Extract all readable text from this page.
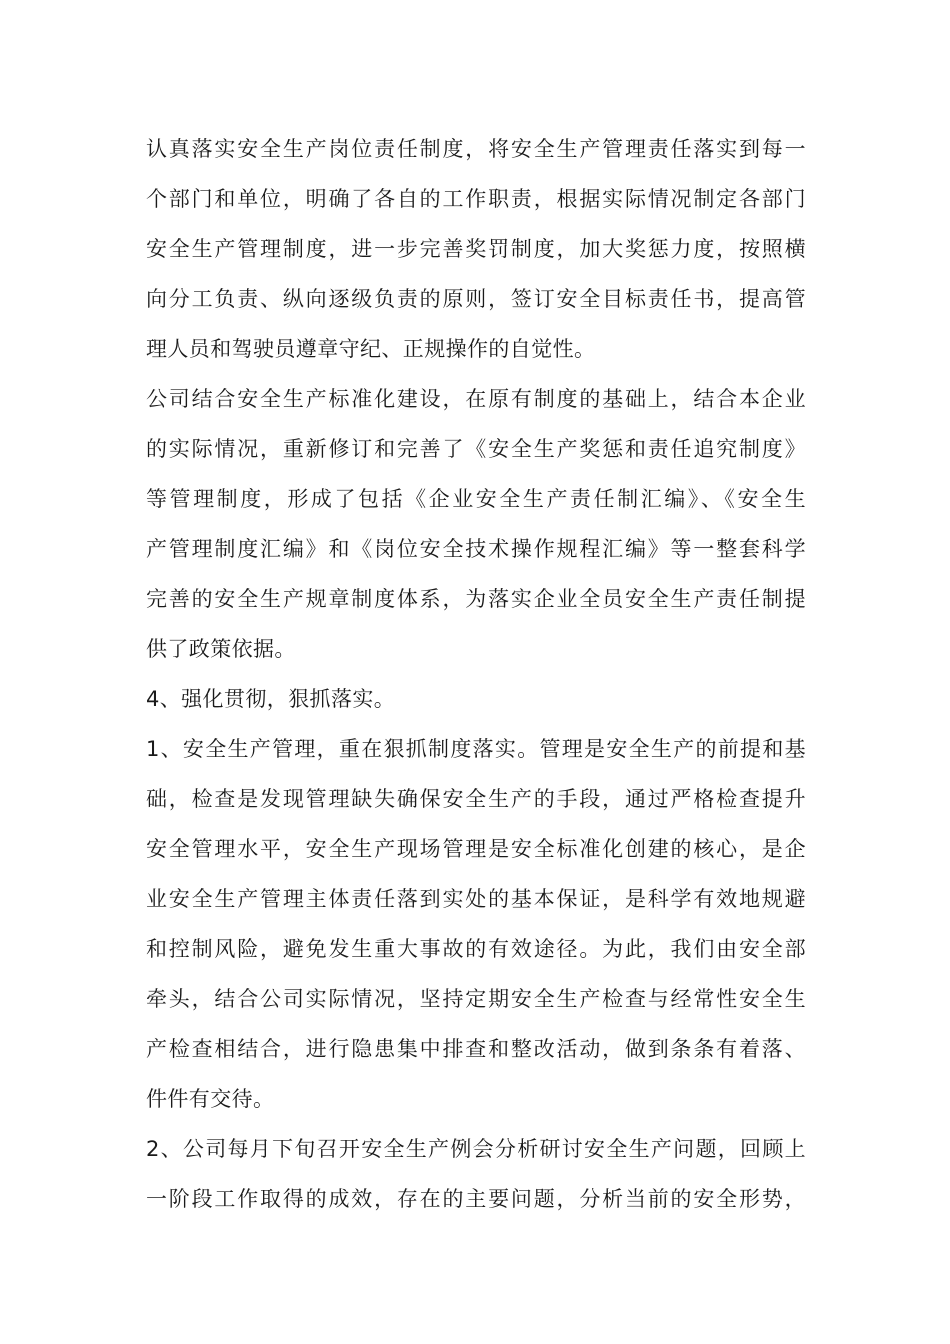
认真落实安全生产岗位责任制度，将安全生产管理责任落实到每一
个部门和单位，明确了各自的工作职责，根据实际情况制定各部门
安全生产管理制度，进一步完善奖罚制度，加大奖惩力度，按照横
向分工负责、纵向逐级负责的原则，签订安全目标责任书，提高管
理人员和驾驶员遵章守纪、正规操作的自觉性。
公司结合安全生产标准化建设，在原有制度的基础上，结合本企业
的实际情况，重新修订和完善了《安全生产奖惩和责任追究制度》
等管理制度，形成了包括《企业安全生产责任制汇编》、《安全生
产管理制度汇编》和《岗位安全技术操作规程汇编》等一整套科学
完善的安全生产规章制度体系，为落实企业全员安全生产责任制提
供了政策依据。
4、强化贯彻，狠抓落实。
1、安全生产管理，重在狠抓制度落实。管理是安全生产的前提和基
础，检查是发现管理缺失确保安全生产的手段，通过严格检查提升
安全管理水平，安全生产现场管理是安全标准化创建的核心，是企
业安全生产管理主体责任落到实处的基本保证，是科学有效地规避
和控制风险，避免发生重大事故的有效途径。为此，我们由安全部
牵头，结合公司实际情况，坚持定期安全生产检查与经常性安全生
产检查相结合，进行隐患集中排查和整改活动，做到条条有着落、
件件有交待。
2、公司每月下旬召开安全生产例会分析研讨安全生产问题，回顾上
一阶段工作取得的成效，存在的主要问题，分析当前的安全形势，
